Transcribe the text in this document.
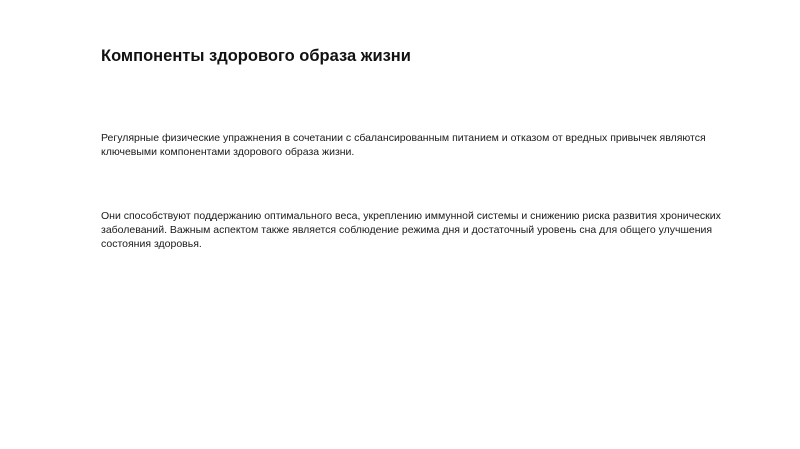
Компоненты здорового образа жизни

Регулярные физические упражнения в сочетании с сбалансированным питанием и отказом от вредных привычек являются ключевыми компонентами здорового образа жизни.

Они способствуют поддержанию оптимального веса, укреплению иммунной системы и снижению риска развития хронических заболеваний. Важным аспектом также является соблюдение режима дня и достаточный уровень сна для общего улучшения состояния здоровья.
